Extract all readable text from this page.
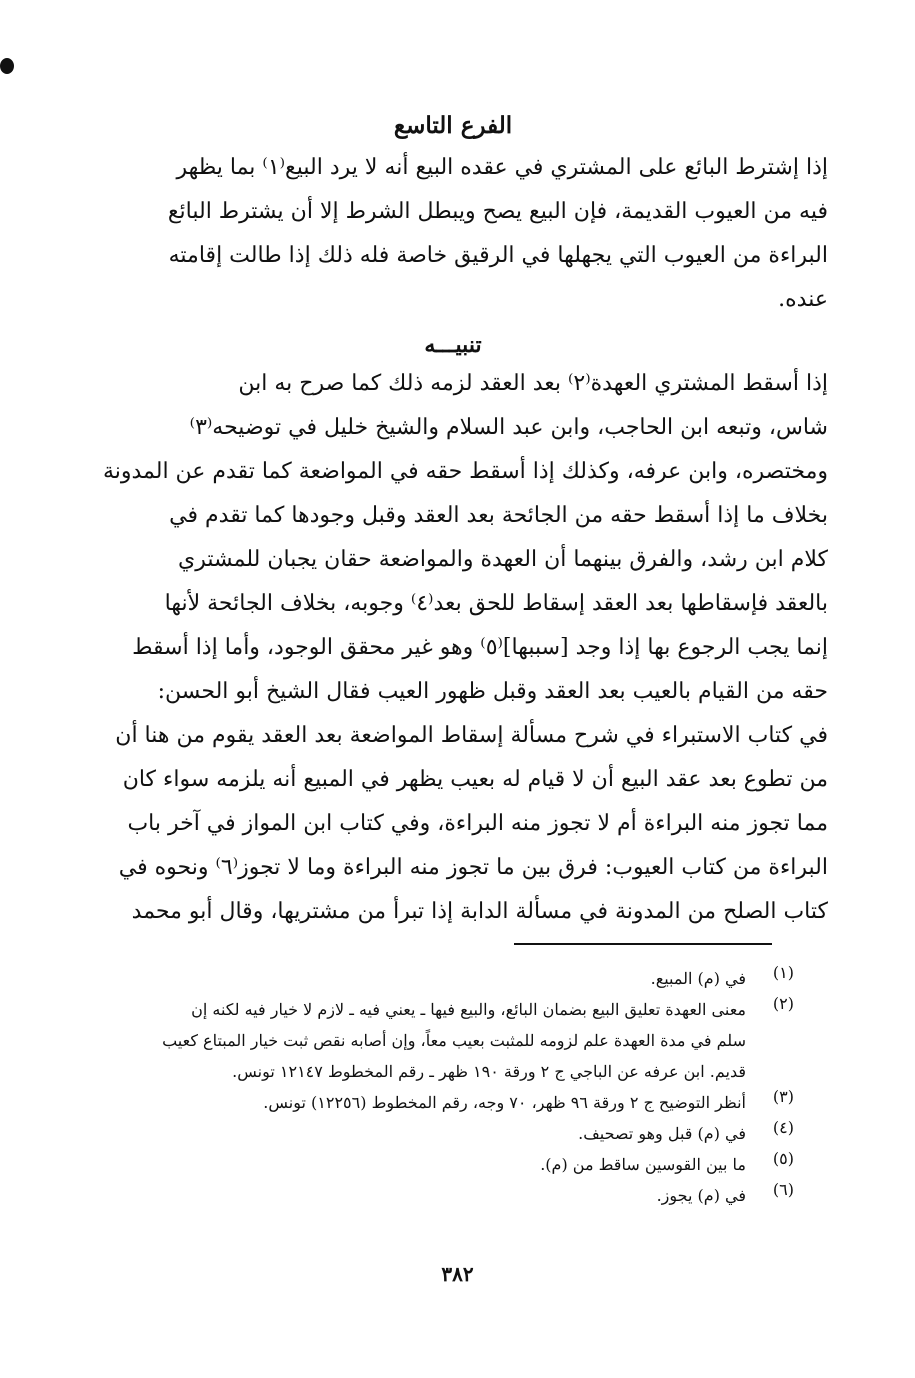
الفرع التاسع
إذا إشترط البائع على المشتري في عقده البيع أنه لا يرد البيع⁽١⁾ بما يظهر
فيه من العيوب القديمة، فإن البيع يصح ويبطل الشرط إلا أن يشترط البائع
البراءة من العيوب التي يجهلها في الرقيق خاصة فله ذلك إذا طالت إقامته
عنده.
تنبيـــه
إذا أسقط المشتري العهدة⁽٢⁾ بعد العقد لزمه ذلك كما صرح به ابن
شاس، وتبعه ابن الحاجب، وابن عبد السلام والشيخ خليل في توضيحه⁽٣⁾
ومختصره، وابن عرفه، وكذلك إذا أسقط حقه في المواضعة كما تقدم عن المدونة
بخلاف ما إذا أسقط حقه من الجائحة بعد العقد وقبل وجودها كما تقدم في
كلام ابن رشد، والفرق بينهما أن العهدة والمواضعة حقان يجبان للمشتري
بالعقد فإسقاطها بعد العقد إسقاط للحق بعد⁽٤⁾ وجوبه، بخلاف الجائحة لأنها
إنما يجب الرجوع بها إذا وجد [سببها]⁽٥⁾ وهو غير محقق الوجود، وأما إذا أسقط
حقه من القيام بالعيب بعد العقد وقبل ظهور العيب فقال الشيخ أبو الحسن:
في كتاب الاستبراء في شرح مسألة إسقاط المواضعة بعد العقد يقوم من هنا أن
من تطوع بعد عقد البيع أن لا قيام له بعيب يظهر في المبيع أنه يلزمه سواء كان
مما تجوز منه البراءة أم لا تجوز منه البراءة، وفي كتاب ابن المواز في آخر باب
البراءة من كتاب العيوب: فرق بين ما تجوز منه البراءة وما لا تجوز⁽٦⁾ ونحوه في
كتاب الصلح من المدونة في مسألة الدابة إذا تبرأ من مشتريها، وقال أبو محمد
(١)
في (م) المبيع.
(٢)
معنى العهدة تعليق البيع بضمان البائع، والبيع فيها ـ يعني فيه ـ لازم لا خيار فيه لكنه إن
سلم في مدة العهدة علم لزومه للمثبت بعيب معاً، وإن أصابه نقص ثبت خيار المبتاع كعيب
قديم. ابن عرفه عن الباجي ج ٢ ورقة ١٩٠ ظهر ـ رقم المخطوط ١٢١٤٧ تونس.
(٣)
أنظر التوضيح ج ٢ ورقة ٩٦ ظهر، ٧٠ وجه، رقم المخطوط (١٢٢٥٦) تونس.
(٤)
في (م) قبل وهو تصحيف.
(٥)
ما بين القوسين ساقط من (م).
(٦)
في (م) يجوز.
٣٨٢
